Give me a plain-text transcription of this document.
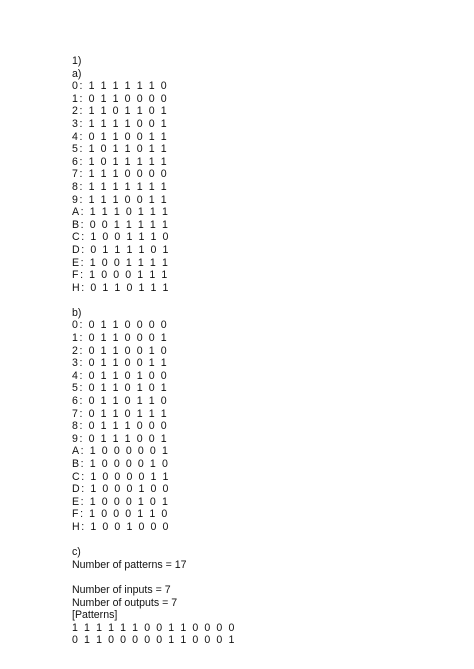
1)
a)
0: 1 1 1 1 1 1 0
1: 0 1 1 0 0 0 0
2: 1 1 0 1 1 0 1
3: 1 1 1 1 0 0 1
4: 0 1 1 0 0 1 1
5: 1 0 1 1 0 1 1
6: 1 0 1 1 1 1 1
7: 1 1 1 0 0 0 0
8: 1 1 1 1 1 1 1
9: 1 1 1 0 0 1 1
A: 1 1 1 0 1 1 1
B: 0 0 1 1 1 1 1
C: 1 0 0 1 1 1 0
D: 0 1 1 1 1 0 1
E: 1 0 0 1 1 1 1
F: 1 0 0 0 1 1 1
H: 0 1 1 0 1 1 1
b)
0: 0 1 1 0 0 0 0
1: 0 1 1 0 0 0 1
2: 0 1 1 0 0 1 0
3: 0 1 1 0 0 1 1
4: 0 1 1 0 1 0 0
5: 0 1 1 0 1 0 1
6: 0 1 1 0 1 1 0
7: 0 1 1 0 1 1 1
8: 0 1 1 1 0 0 0
9: 0 1 1 1 0 0 1
A: 1 0 0 0 0 0 1
B: 1 0 0 0 0 1 0
C: 1 0 0 0 0 1 1
D: 1 0 0 0 1 0 0
E: 1 0 0 0 1 0 1
F: 1 0 0 0 1 1 0
H: 1 0 0 1 0 0 0
c)
Number of patterns = 17
Number of inputs = 7
Number of outputs = 7
[Patterns]
1 1 1 1 1 1 0 0 1 1 0 0 0 0
0 1 1 0 0 0 0 0 1 1 0 0 0 1
